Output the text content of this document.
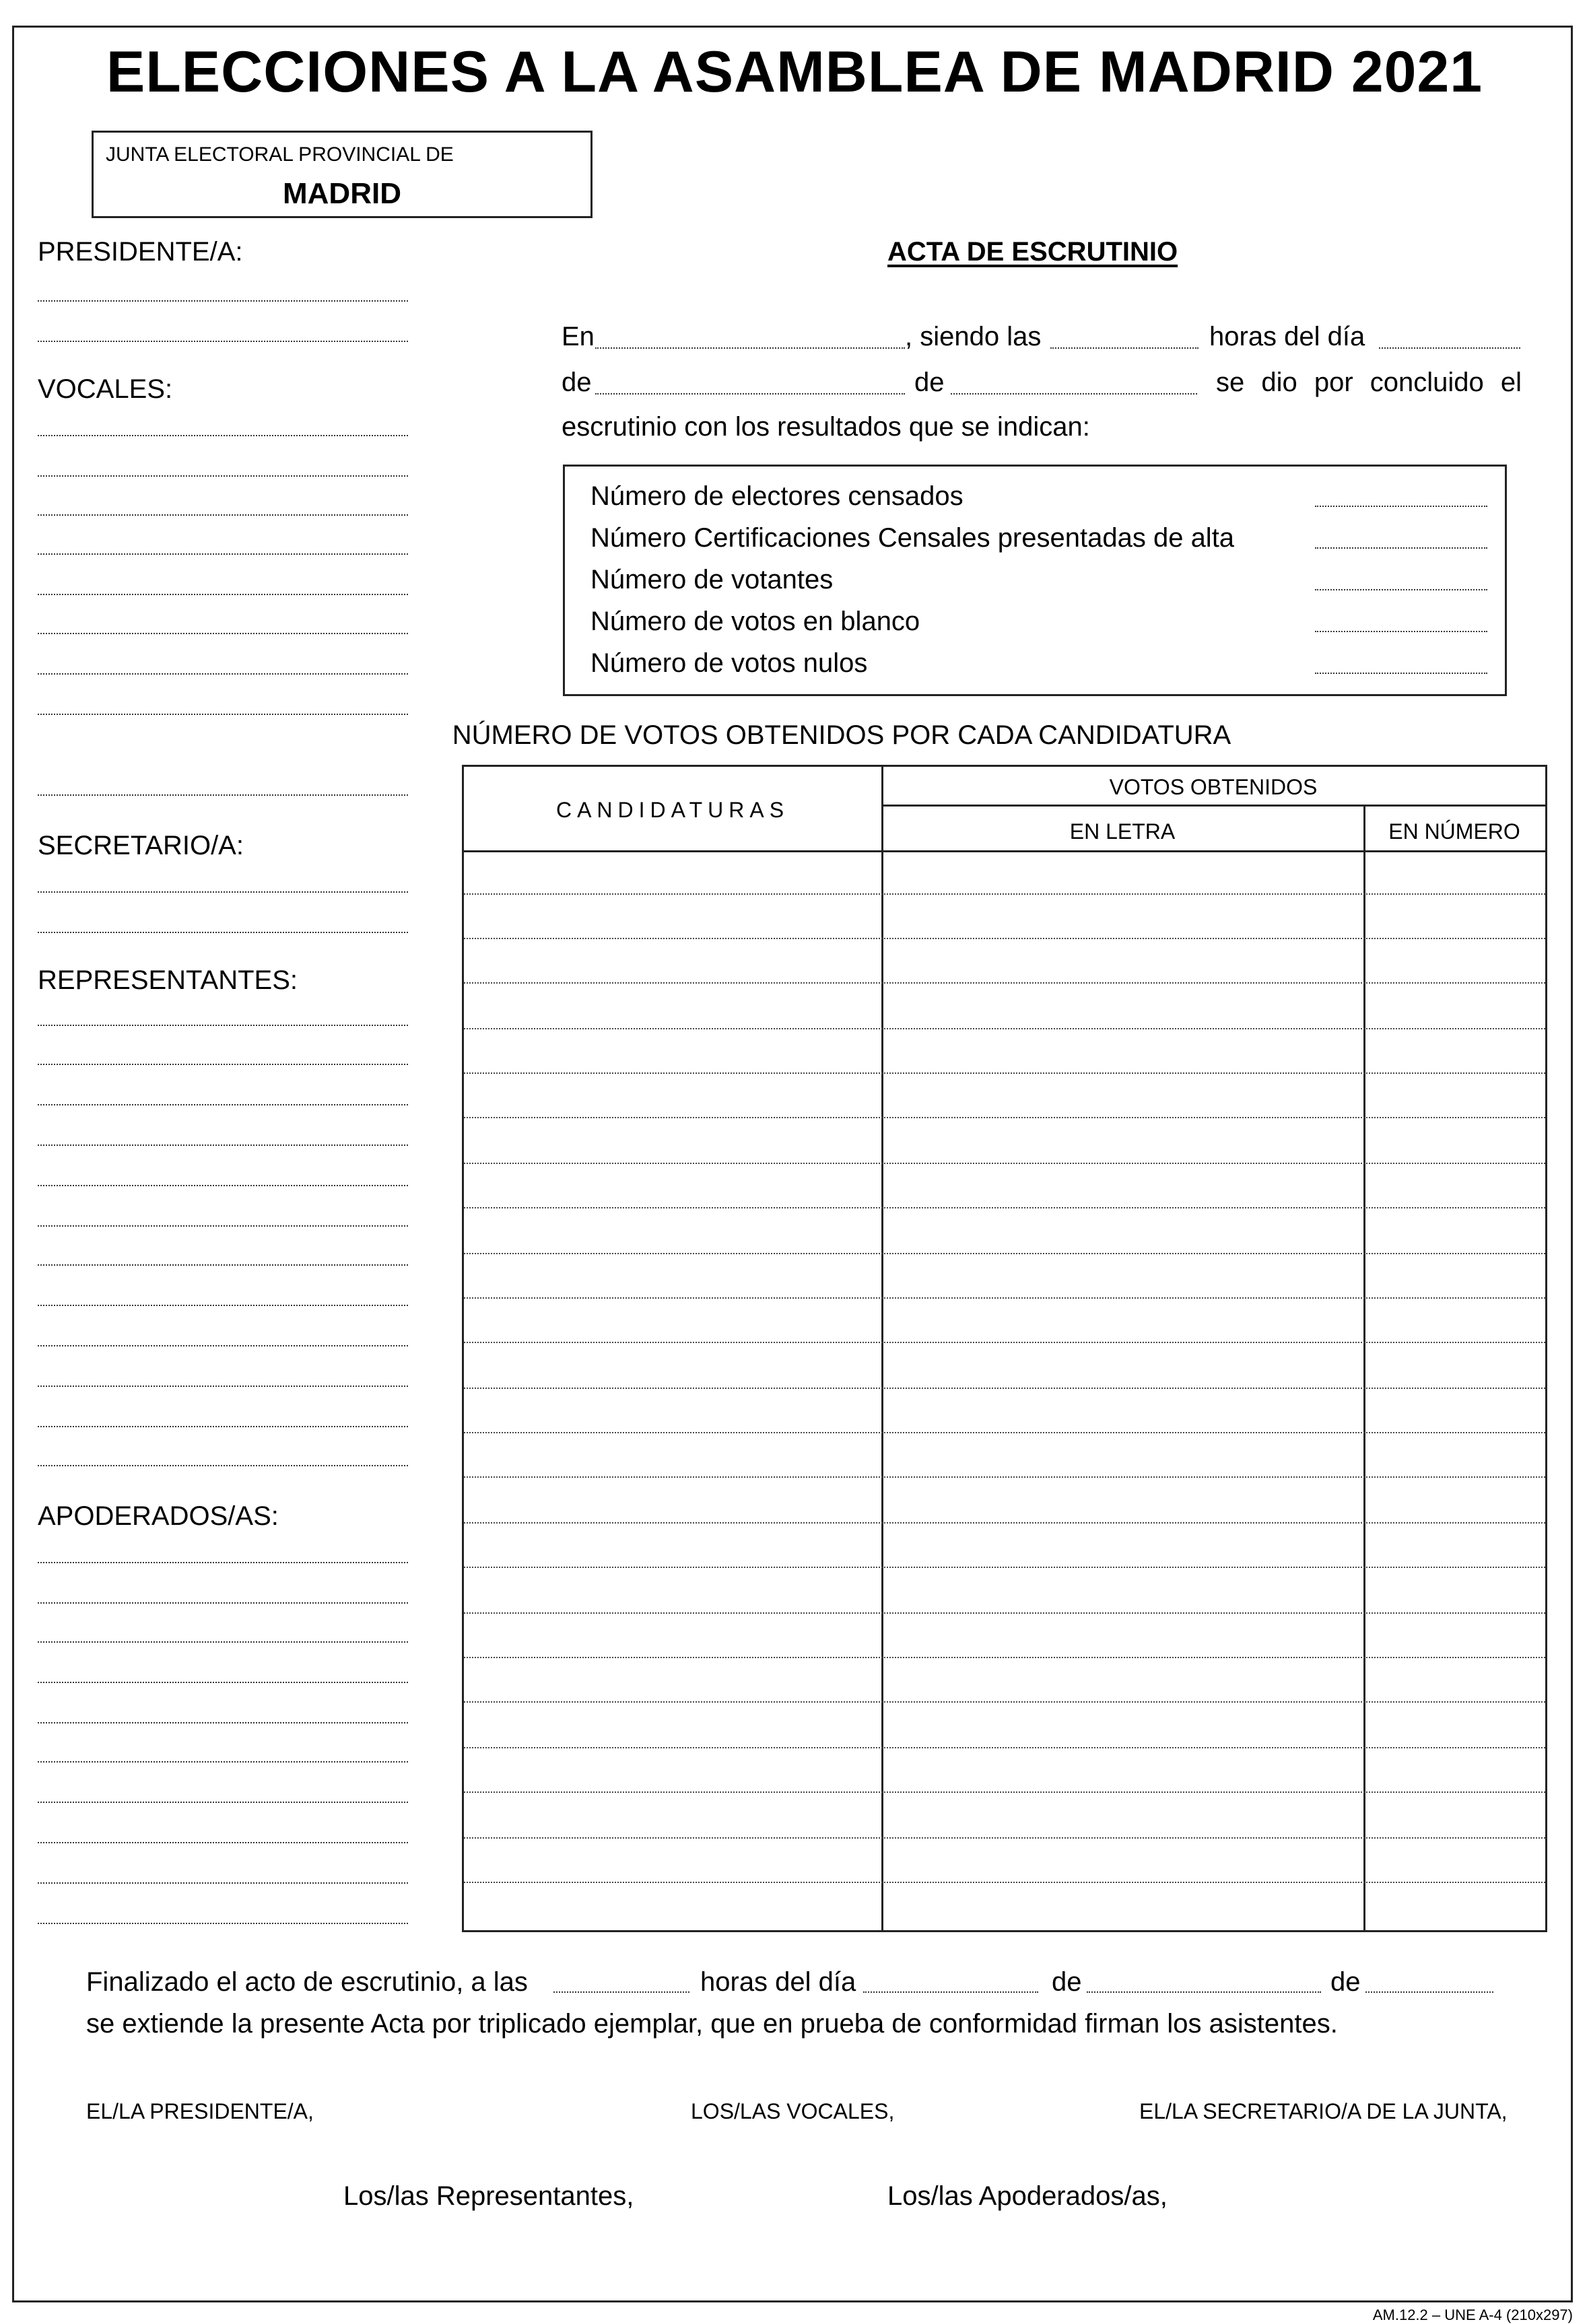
ELECCIONES A LA ASAMBLEA DE MADRID 2021
JUNTA ELECTORAL PROVINCIAL DE
MADRID
PRESIDENTE/A:
VOCALES:
SECRETARIO/A:
REPRESENTANTES:
APODERADOS/AS:
ACTA DE ESCRUTINIO
En	, siendo las	horas del día
de	de	se dio por concluido el
escrutinio con los resultados que se indican:
Número de electores censados
Número Certificaciones Censales presentadas de alta
Número de votantes
Número de votos en blanco
Número de votos nulos
NÚMERO DE VOTOS OBTENIDOS POR CADA CANDIDATURA
CANDIDATURAS
VOTOS OBTENIDOS
EN LETRA	EN NÚMERO
Finalizado el acto de escrutinio, a las	horas del día	de	de
se extiende la presente Acta por triplicado ejemplar, que en prueba de conformidad firman los asistentes.
EL/LA PRESIDENTE/A,	LOS/LAS VOCALES,	EL/LA SECRETARIO/A DE LA JUNTA,
Los/las Representantes,	Los/las Apoderados/as,
AM.12.2 – UNE A-4 (210x297)
